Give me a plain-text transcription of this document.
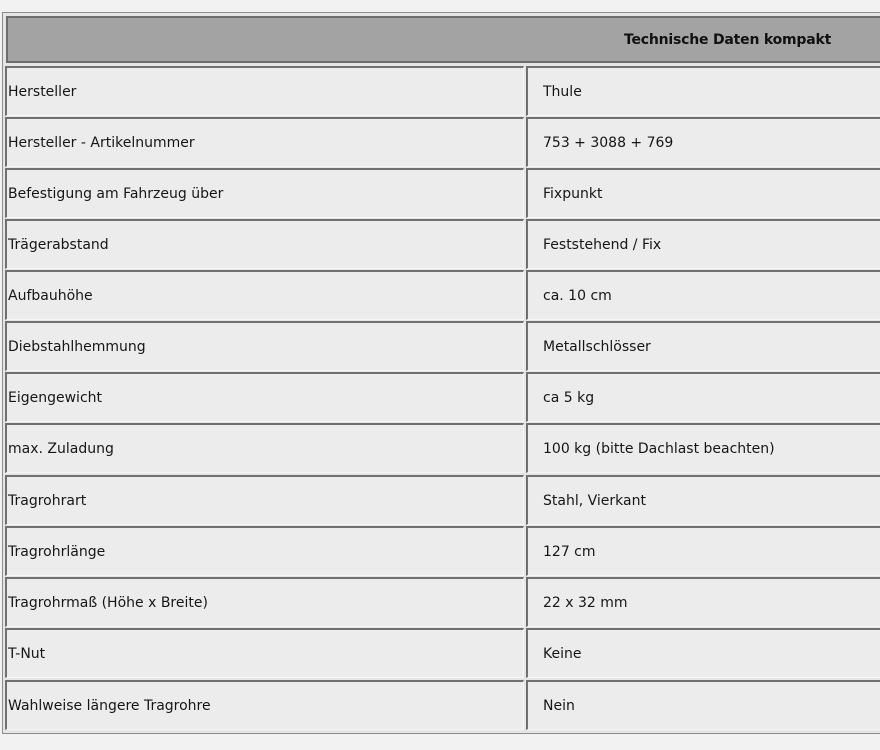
Technische Daten kompakt
Hersteller	Thule
Hersteller - Artikelnummer	753 + 3088 + 769
Befestigung am Fahrzeug über	Fixpunkt
Trägerabstand	Feststehend / Fix
Aufbauhöhe	ca. 10 cm
Diebstahlhemmung	Metallschlösser
Eigengewicht	ca 5 kg
max. Zuladung	100 kg (bitte Dachlast beachten)
Tragrohrart	Stahl, Vierkant
Tragrohrlänge	127 cm
Tragrohrmaß (Höhe x Breite)	22 x 32 mm
T-Nut	Keine
Wahlweise längere Tragrohre	Nein
